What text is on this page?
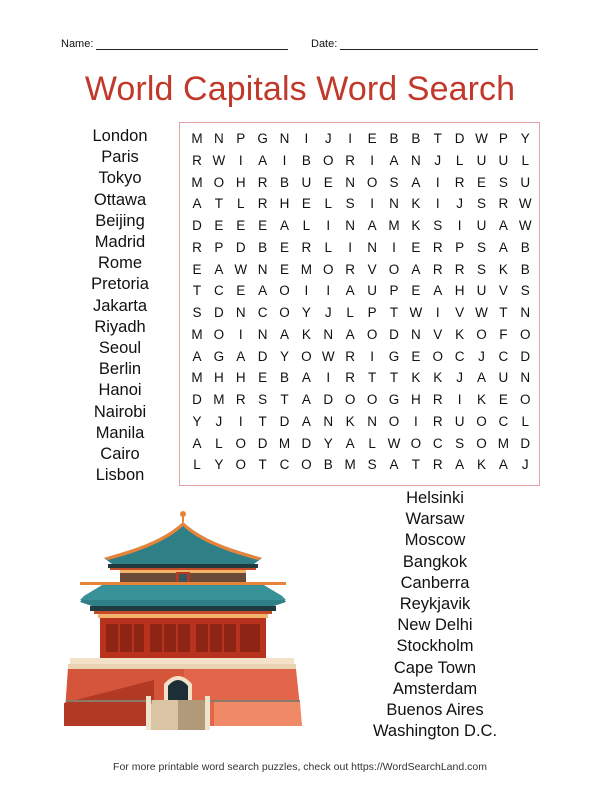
Name:	Date:
World Capitals Word Search
London
Paris
Tokyo
Ottawa
Beijing
Madrid
Rome
Pretoria
Jakarta
Riyadh
Seoul
Berlin
Hanoi
Nairobi
Manila
Cairo
Lisbon
M N P G N	I	J	I	E B B T D W P Y
R W	I	A	I	B O R	I	A N	J	L U U L
M O H R B U E N O S A	I	R E S U
A T	L R H E	L	S	I	N K	I	J	S R W
D E E E A	L	I	N A M K S	I	U A W
R P D B E R L	I	N	I	E R P S A B
E A W N E M O R V O A R R S K B
T C E A O	I	I	A U P E A H U V S
S D N C O Y	J	L	P T W	I	V W T N
M O	I	N A K N A O D N V K O F O
A G A D Y O W R	I	G E O C	J	C D
M H H E B A	I	R T	T K K	J	A U N
D M R S T A D O O G H R	I	K E O
Y	J	I	T D A N K N O	I	R U O C L
A	L O D M D Y A	L W O C S O M D
L	Y O T C O B M S A T R A K A	J
Helsinki
Warsaw
Moscow
Bangkok
Canberra
Reykjavik
New Delhi
Stockholm
Cape Town
Amsterdam
Buenos Aires
Washington D.C.
For more printable word search puzzles, check out https://WordSearchLand.com
